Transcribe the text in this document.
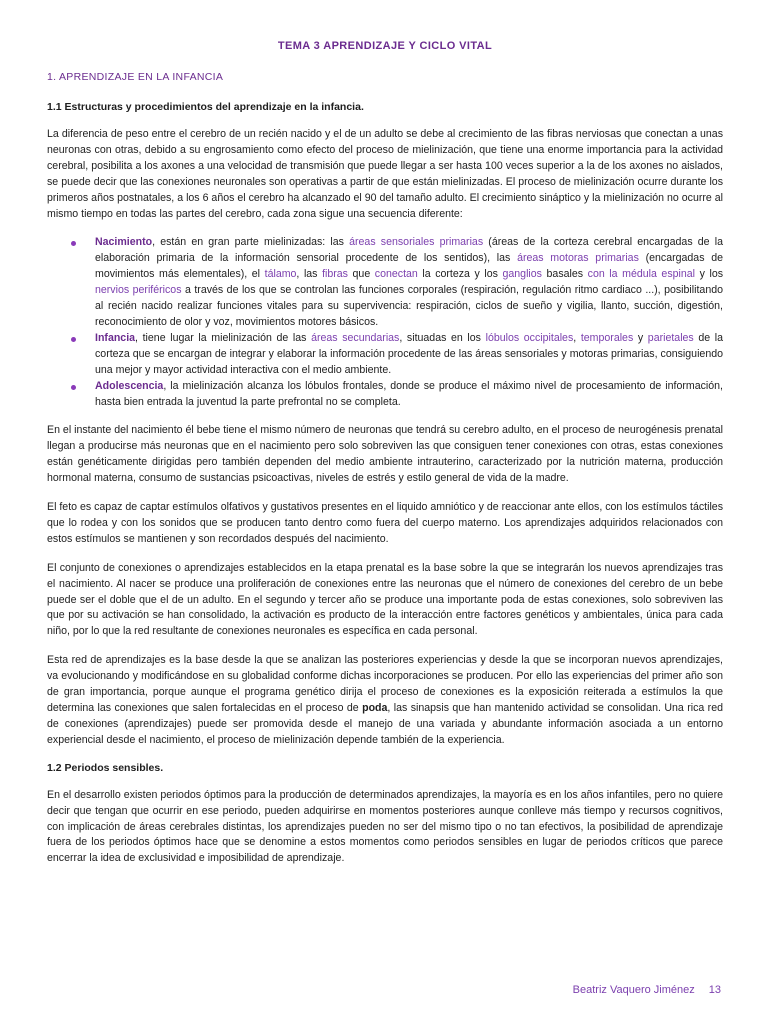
TEMA 3 APRENDIZAJE Y CICLO VITAL
1. APRENDIZAJE EN LA INFANCIA
1.1 Estructuras y procedimientos del aprendizaje en la infancia.

La diferencia de peso entre el cerebro de un recién nacido y el de un adulto se debe al crecimiento de las fibras nerviosas que conectan a unas neuronas con otras, debido a su engrosamiento como efecto del proceso de mielinización, que tiene una enorme importancia para la actividad cerebral, posibilita a los axones a una velocidad de transmisión que puede llegar a ser hasta 100 veces superior a la de los axones no aislados, se puede decir que las conexiones neuronales son operativas a partir de que están mielinizadas. El proceso de mielinización ocurre durante los primeros años postnatales, a los 6 años el cerebro ha alcanzado el 90 del tamaño adulto. El crecimiento sináptico y la mielinización no ocurre al mismo tiempo en todas las partes del cerebro, cada zona sigue una secuencia diferente:

Nacimiento, están en gran parte mielinizadas: las áreas sensoriales primarias (áreas de la corteza cerebral encargadas de la elaboración primaria de la información sensorial procedente de los sentidos), las áreas motoras primarias (encargadas de movimientos más elementales), el tálamo, las fibras que conectan la corteza y los ganglios basales con la médula espinal y los nervios periféricos a través de los que se controlan las funciones corporales (respiración, regulación ritmo cardiaco ...), posibilitando al recién nacido realizar funciones vitales para su supervivencia: respiración, ciclos de sueño y vigilia, llanto, succión, digestión, reconocimiento de olor y voz, movimientos motores básicos.
Infancia, tiene lugar la mielinización de las áreas secundarias, situadas en los lóbulos occipitales, temporales y parietales de la corteza que se encargan de integrar y elaborar la información procedente de las áreas sensoriales y motoras primarias, consiguiendo una mejor y mayor actividad interactiva con el medio ambiente.
Adolescencia, la mielinización alcanza los lóbulos frontales, donde se produce el máximo nivel de procesamiento de información, hasta bien entrada la juventud la parte prefrontal no se completa.

En el instante del nacimiento él bebe tiene el mismo número de neuronas que tendrá su cerebro adulto, en el proceso de neurogénesis prenatal llegan a producirse más neuronas que en el nacimiento pero solo sobreviven las que consiguen tener conexiones con otras, estas conexiones están genéticamente dirigidas pero también dependen del medio ambiente intrauterino, caracterizado por la nutrición materna, producción hormonal materna, consumo de sustancias psicoactivas, niveles de estrés y estilo general de vida de la madre.

El feto es capaz de captar estímulos olfativos y gustativos presentes en el liquido amniótico y de reaccionar ante ellos, con los estímulos táctiles que lo rodea y con los sonidos que se producen tanto dentro como fuera del cuerpo materno. Los aprendizajes adquiridos relacionados con estos estímulos se mantienen y son recordados después del nacimiento.

El conjunto de conexiones o aprendizajes establecidos en la etapa prenatal es la base sobre la que se integrarán los nuevos aprendizajes tras el nacimiento. Al nacer se produce una proliferación de conexiones entre las neuronas que el número de conexiones del cerebro de un bebe puede ser el doble que el de un adulto. En el segundo y tercer año se produce una importante poda de estas conexiones, solo sobreviven las que por su activación se han consolidado, la activación es producto de la interacción entre factores genéticos y ambientales, única para cada niño, por lo que la red resultante de conexiones neuronales es específica en cada personal.

Esta red de aprendizajes es la base desde la que se analizan las posteriores experiencias y desde la que se incorporan nuevos aprendizajes, va evolucionando y modificándose en su globalidad conforme dichas incorporaciones se producen. Por ello las experiencias del primer año son de gran importancia, porque aunque el programa genético dirija el proceso de conexiones es la exposición reiterada a estímulos la que determina las conexiones que salen fortalecidas en el proceso de poda, las sinapsis que han mantenido actividad se consolidan. Una rica red de conexiones (aprendizajes) puede ser promovida desde el manejo de una variada y abundante información asociada a un entorno experiencial desde el nacimiento, el proceso de mielinización depende también de la experiencia.

1.2 Periodos sensibles.

En el desarrollo existen periodos óptimos para la producción de determinados aprendizajes, la mayoría es en los años infantiles, pero no quiere decir que tengan que ocurrir en ese periodo, pueden adquirirse en momentos posteriores aunque conlleve más tiempo y recursos cognitivos, con implicación de áreas cerebrales distintas, los aprendizajes pueden no ser del mismo tipo o no tan efectivos, la posibilidad de aprendizaje fuera de los periodos óptimos hace que se denomine a estos momentos como periodos sensibles en lugar de periodos críticos que parece encerrar la idea de exclusividad e imposibilidad de aprendizaje.

Beatriz Vaquero Jiménez 13
